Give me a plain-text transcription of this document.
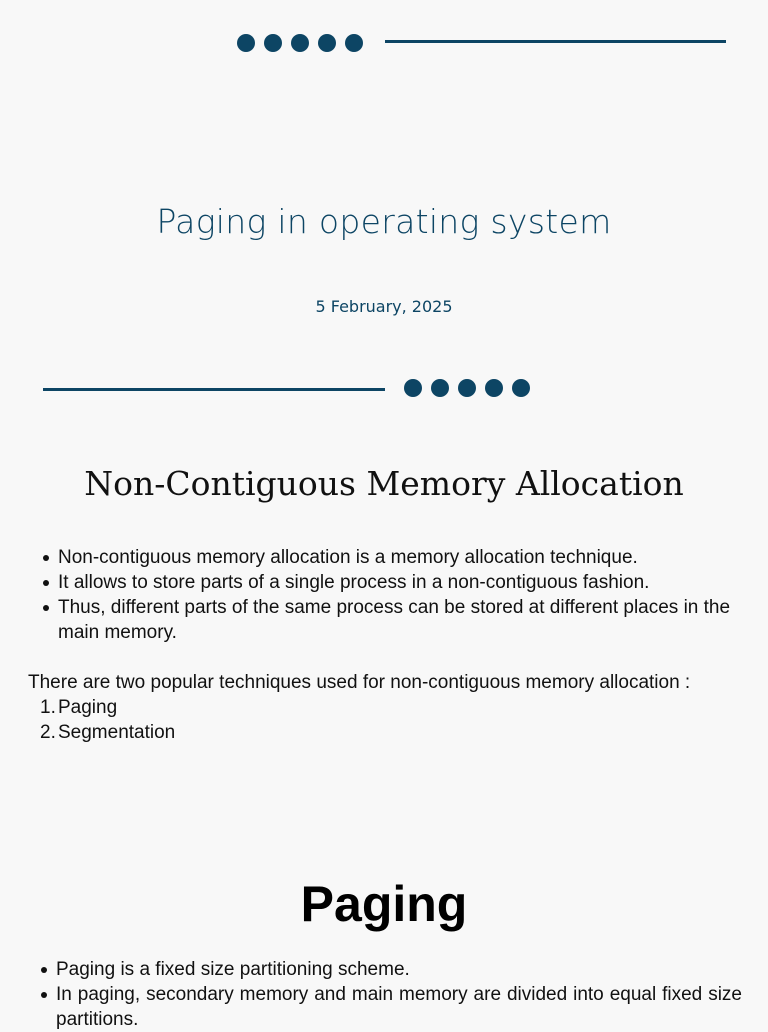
Paging in operating system
5 February, 2025
Non-Contiguous Memory Allocation
Non-contiguous memory allocation is a memory allocation technique.
It allows to store parts of a single process in a non-contiguous fashion.
Thus, different parts of the same process can be stored at different places in the main memory.

There are two popular techniques used for non-contiguous memory allocation :

1. Paging
2. Segmentation
Paging
Paging is a fixed size partitioning scheme.
In paging, secondary memory and main memory are divided into equal fixed size partitions.
